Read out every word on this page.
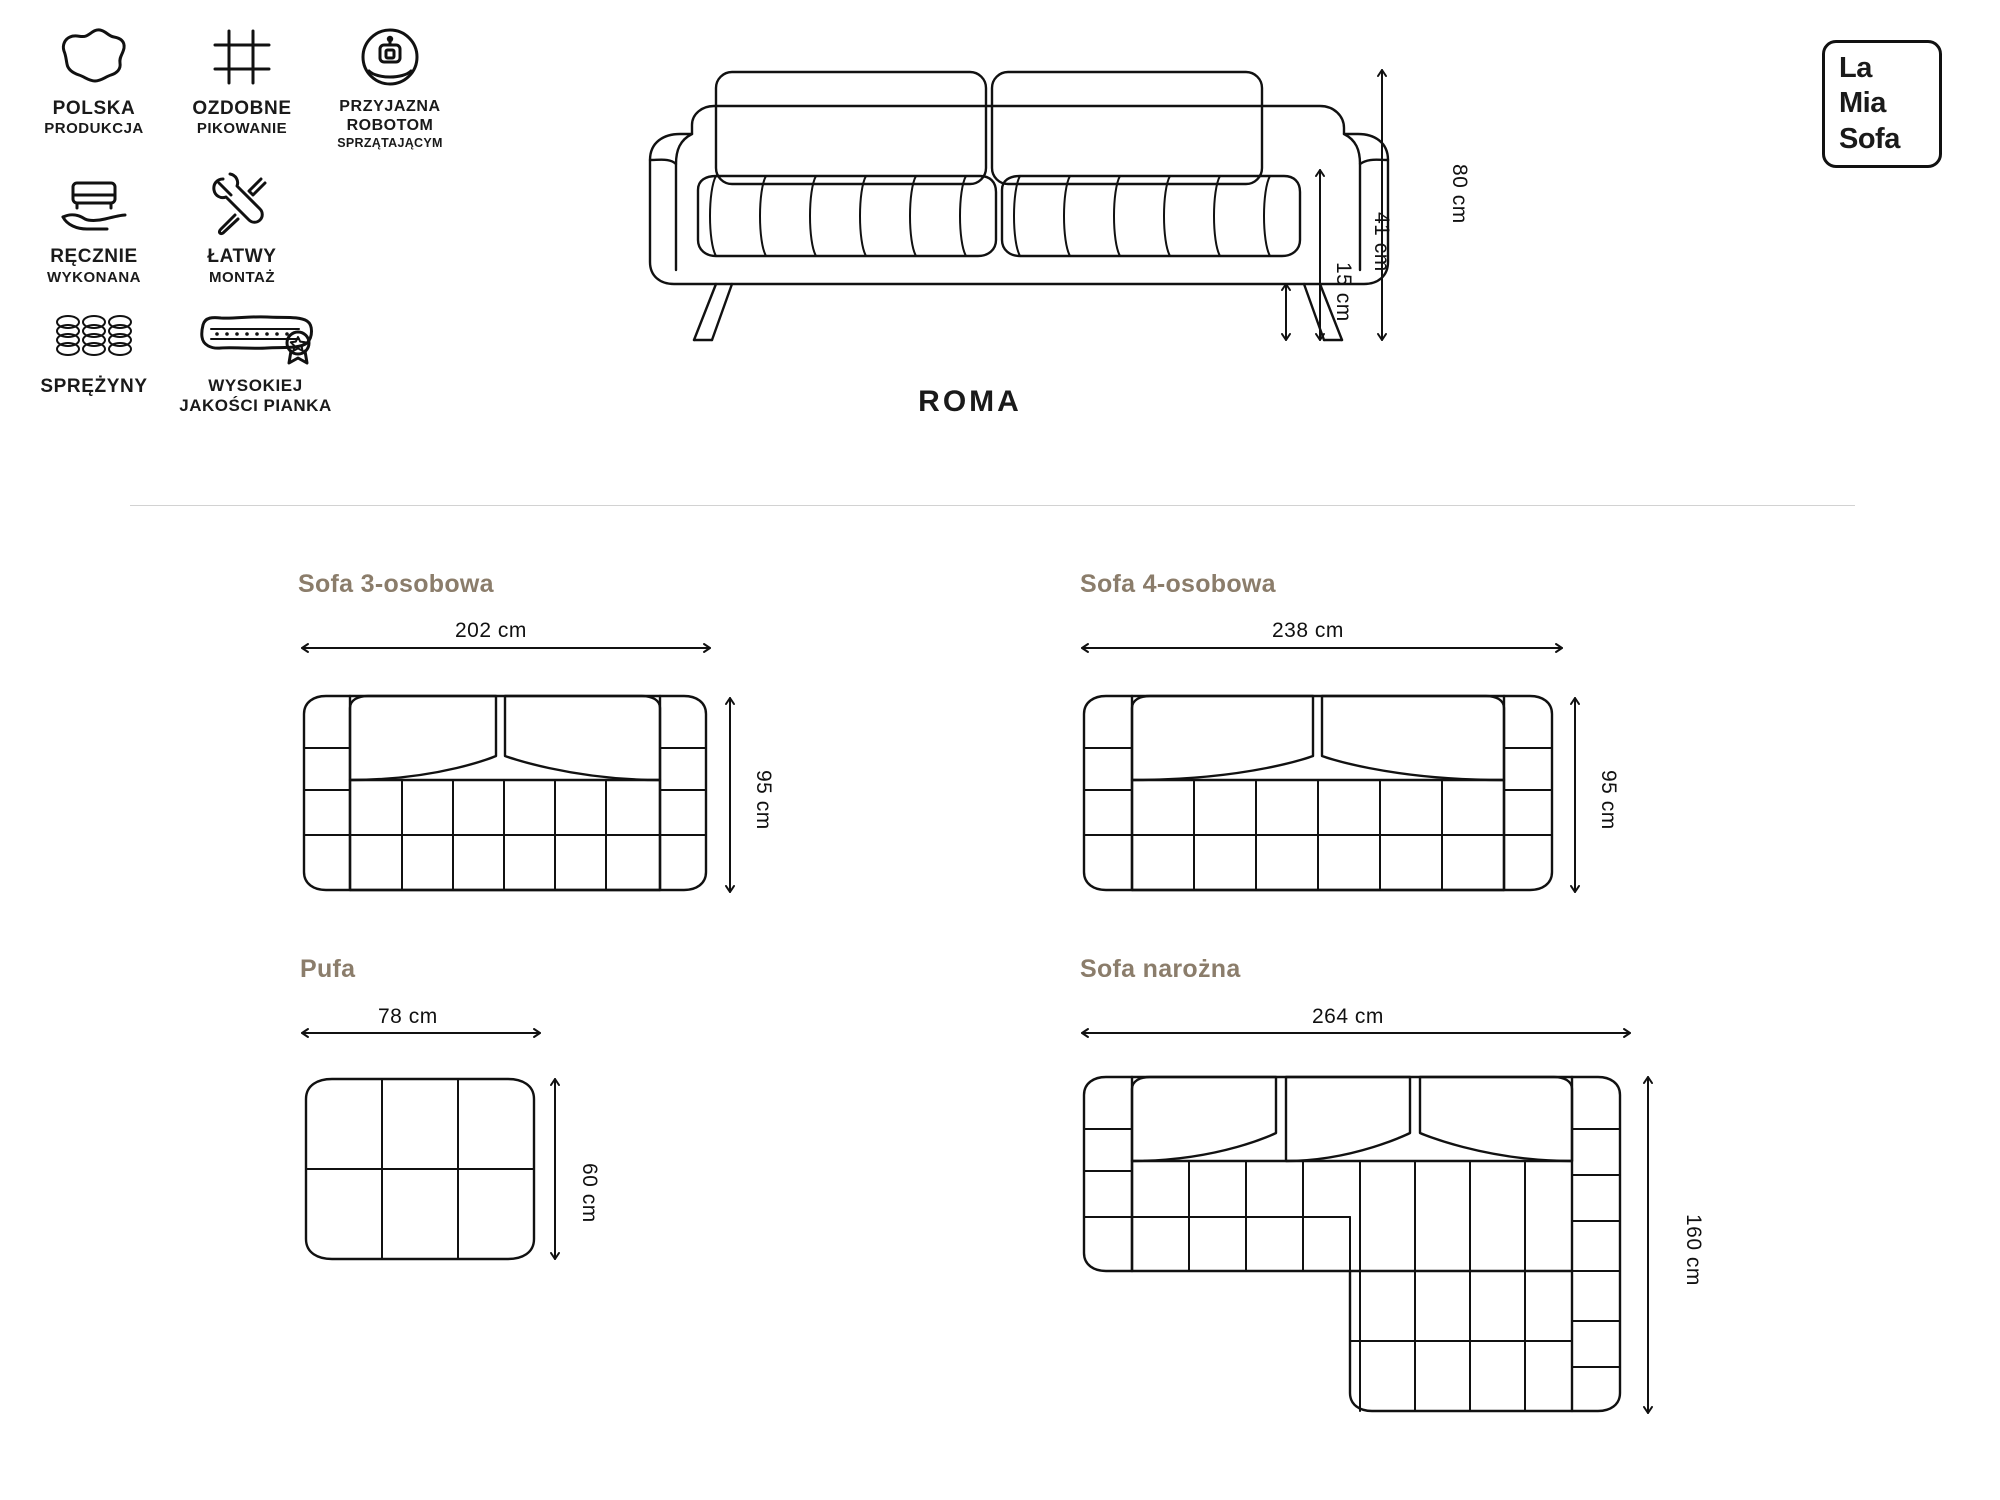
POLSKA
PRODUKCJA
OZDOBNE
PIKOWANIE
PRZYJAZNA
ROBOTOM
SPRZĄTAJĄCYM
RĘCZNIE
WYKONANA
ŁATWY
MONTAŻ
SPRĘŻYNY	WYSOKIEJ
JAKOŚCI PIANKA
15 cm
41 cm
80 cm
ROMA
La
Mia
Sofa
Sofa 3-osobowa
202 cm
95 cm
Sofa 4-osobowa
238 cm
95 cm
Pufa
78 cm
60 cm
Sofa narożna
264 cm
160 cm
